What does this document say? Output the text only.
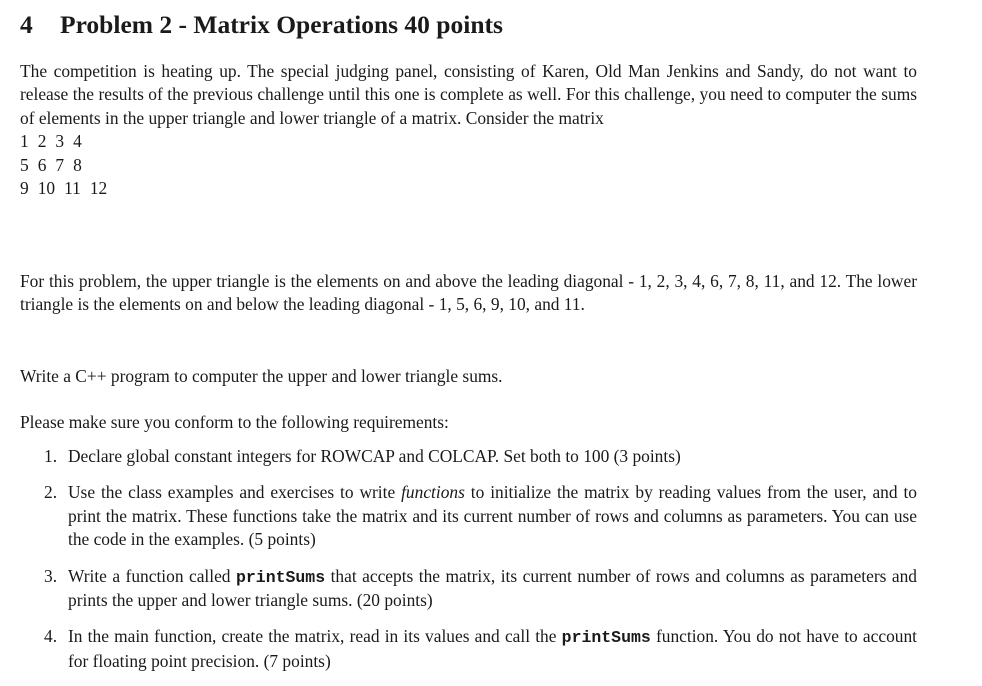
4 Problem 2 - Matrix Operations 40 points

The competition is heating up. The special judging panel, consisting of Karen, Old Man Jenkins and Sandy, do not want to release the results of the previous challenge until this one is complete as well. For this challenge, you need to computer the sums of elements in the upper triangle and lower triangle of a matrix. Consider the matrix

1 2 3 4
5 6 7 8
9 10 11 12

For this problem, the upper triangle is the elements on and above the leading diagonal - 1, 2, 3, 4, 6, 7, 8, 11, and 12. The lower triangle is the elements on and below the leading diagonal - 1, 5, 6, 9, 10, and 11.

Write a C++ program to computer the upper and lower triangle sums.

Please make sure you conform to the following requirements:

1. Declare global constant integers for ROWCAP and COLCAP. Set both to 100 (3 points)
2. Use the class examples and exercises to write functions to initialize the matrix by reading values from the user, and to print the matrix. These functions take the matrix and its current number of rows and columns as parameters. You can use the code in the examples. (5 points)
3. Write a function called printSums that accepts the matrix, its current number of rows and columns as parameters and prints the upper and lower triangle sums. (20 points)
4. In the main function, create the matrix, read in its values and call the printSums function. You do not have to account for floating point precision. (7 points)
